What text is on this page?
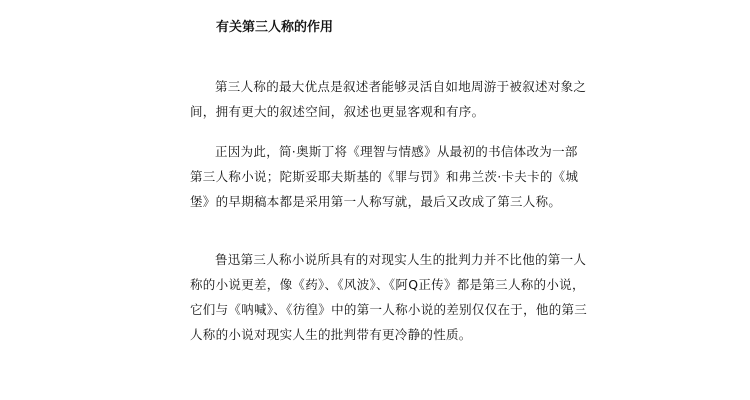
有关第三人称的作用

第三人称的最大优点是叙述者能够灵活自如地周游于被叙述对象之间，拥有更大的叙述空间，叙述也更显客观和有序。

正因为此，简·奥斯丁将《理智与情感》从最初的书信体改为一部第三人称小说；陀斯妥耶夫斯基的《罪与罚》和弗兰茨·卡夫卡的《城堡》的早期稿本都是采用第一人称写就，最后又改成了第三人称。

鲁迅第三人称小说所具有的对现实人生的批判力并不比他的第一人称的小说更差，像《药》、《风波》、《阿Q正传》都是第三人称的小说，它们与《呐喊》、《彷徨》中的第一人称小说的差别仅仅在于，他的第三人称的小说对现实人生的批判带有更冷静的性质。
